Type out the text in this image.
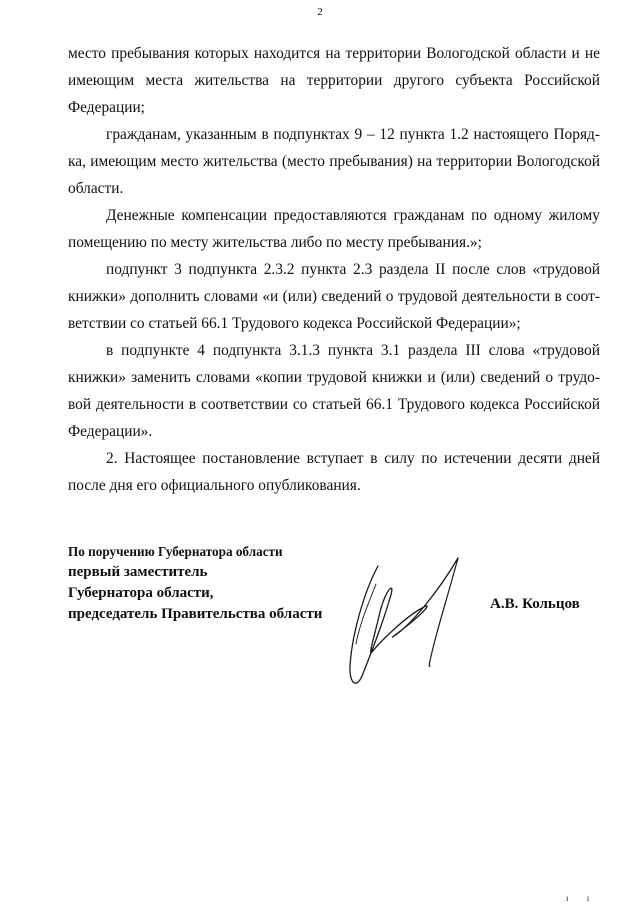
2

место пребывания которых находится на территории Вологодской области и не имеющим места жительства на территории другого субъекта Российской Федерации;

гражданам, указанным в подпунктах 9 – 12 пункта 1.2 настоящего Поряд-ка, имеющим место жительства (место пребывания) на территории Вологодской области.

Денежные компенсации предоставляются гражданам по одному жилому помещению по месту жительства либо по месту пребывания.»;

подпункт 3 подпункта 2.3.2 пункта 2.3 раздела II после слов «трудовой книжки» дополнить словами «и (или) сведений о трудовой деятельности в соот-ветствии со статьей 66.1 Трудового кодекса Российской Федерации»;

в подпункте 4 подпункта 3.1.3 пункта 3.1 раздела III слова «трудовой книжки» заменить словами «копии трудовой книжки и (или) сведений о трудо-вой деятельности в соответствии со статьей 66.1 Трудового кодекса Российской Федерации».

2. Настоящее постановление вступает в силу по истечении десяти дней после дня его официального опубликования.

По поручению Губернатора области
первый заместитель
Губернатора области,
председатель Правительства области
А.В. Кольцов
ı ı
